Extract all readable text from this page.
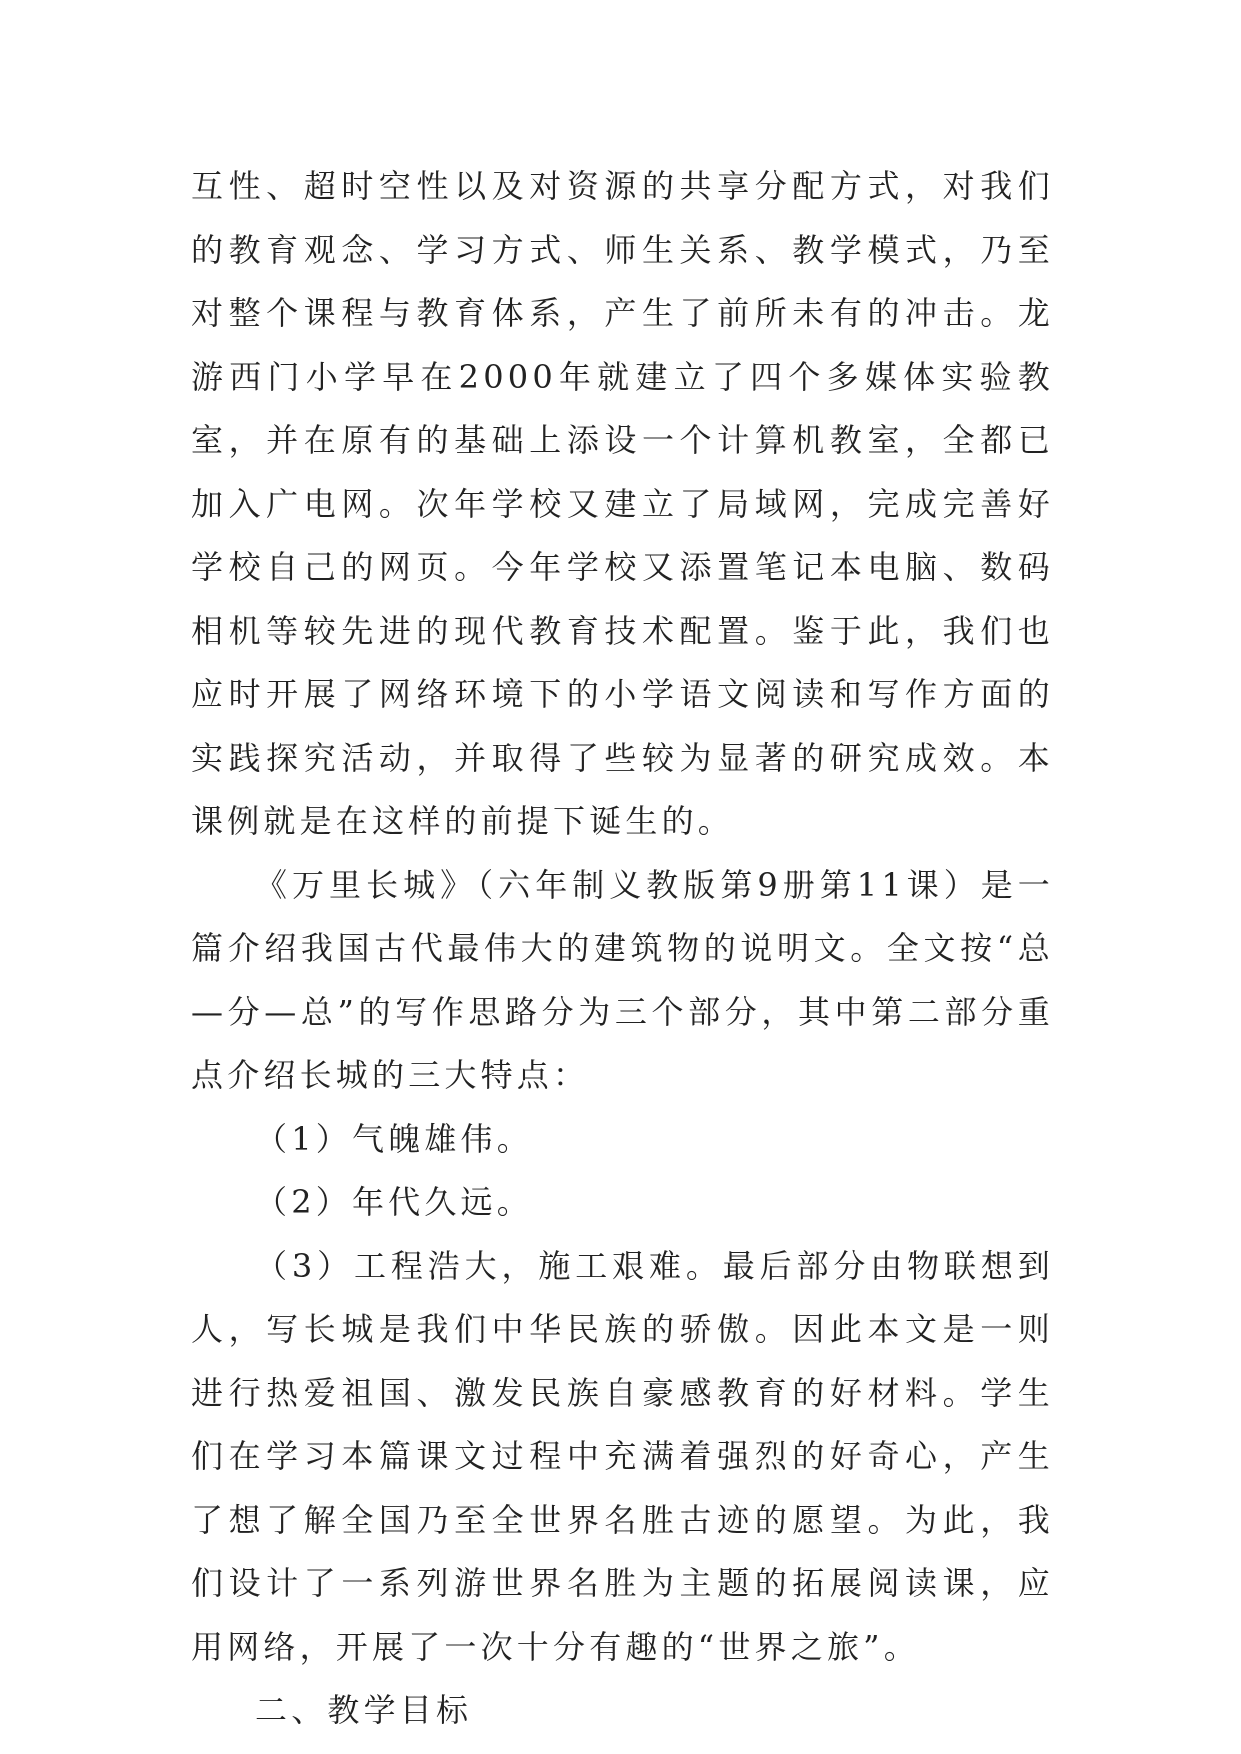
互性、超时空性以及对资源的共享分配方式，对我们的教育观念、学习方式、师生关系、教学模式，乃至对整个课程与教育体系，产生了前所未有的冲击。龙游西门小学早在2000年就建立了四个多媒体实验教室，并在原有的基础上添设一个计算机教室，全都已加入广电网。次年学校又建立了局域网，完成完善好学校自己的网页。今年学校又添置笔记本电脑、数码相机等较先进的现代教育技术配置。鉴于此，我们也应时开展了网络环境下的小学语文阅读和写作方面的实践探究活动，并取得了些较为显著的研究成效。本课例就是在这样的前提下诞生的。

《万里长城》（六年制义教版第9册第11课）是一篇介绍我国古代最伟大的建筑物的说明文。全文按“总—分—总”的写作思路分为三个部分，其中第二部分重点介绍长城的三大特点：

（1）气魄雄伟。

（2）年代久远。

（3）工程浩大，施工艰难。最后部分由物联想到人，写长城是我们中华民族的骄傲。因此本文是一则进行热爱祖国、激发民族自豪感教育的好材料。学生们在学习本篇课文过程中充满着强烈的好奇心，产生了想了解全国乃至全世界名胜古迹的愿望。为此，我们设计了一系列游世界名胜为主题的拓展阅读课，应用网络，开展了一次十分有趣的“世界之旅”。

二、教学目标
